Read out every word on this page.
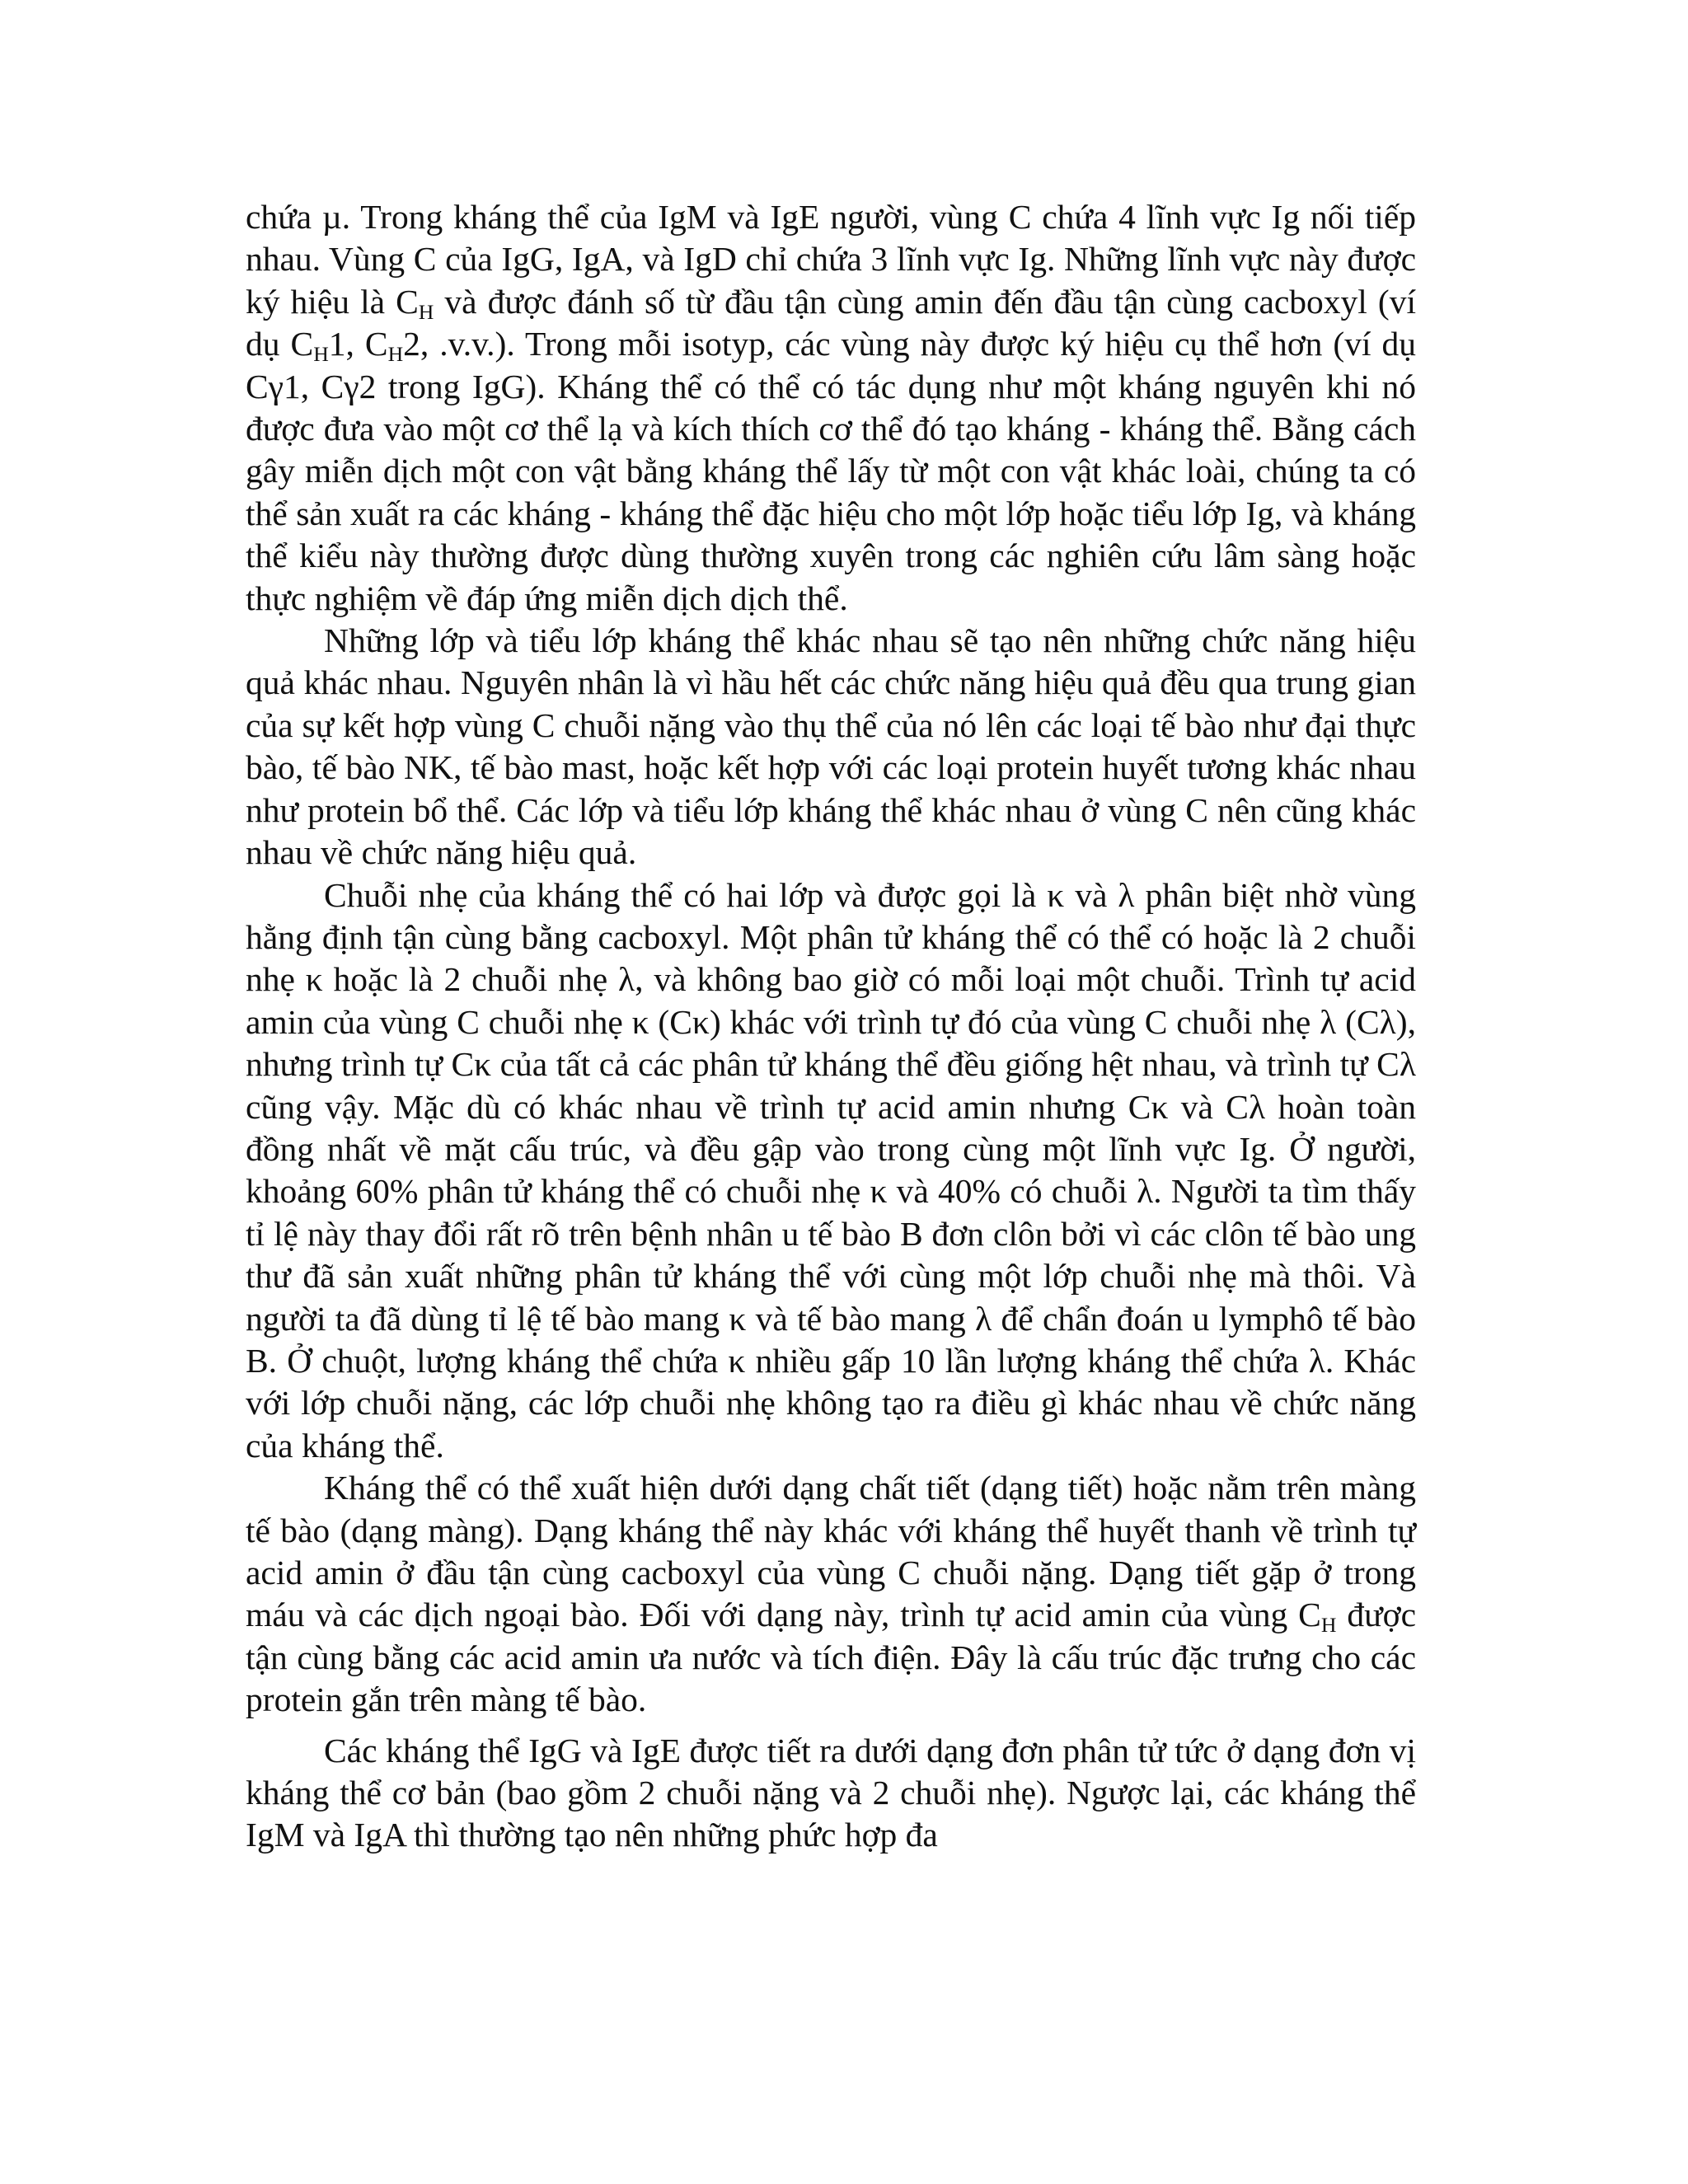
chứa µ. Trong kháng thể của IgM và IgE người, vùng C chứa 4 lĩnh vực Ig nối tiếp nhau. Vùng C của IgG, IgA, và IgD chỉ chứa 3 lĩnh vực Ig. Những lĩnh vực này được ký hiệu là $C_H$ và được đánh số từ đầu tận cùng amin đến đầu tận cùng cacboxyl (ví dụ $C_H1$, $C_H2$, .v.v.). Trong mỗi isotyp, các vùng này được ký hiệu cụ thể hơn (ví dụ Cγ1, Cγ2 trong IgG). Kháng thể có thể có tác dụng như một kháng nguyên khi nó được đưa vào một cơ thể lạ và kích thích cơ thể đó tạo kháng - kháng thể. Bằng cách gây miễn dịch một con vật bằng kháng thể lấy từ một con vật khác loài, chúng ta có thể sản xuất ra các kháng - kháng thể đặc hiệu cho một lớp hoặc tiểu lớp Ig, và kháng thể kiểu này thường được dùng thường xuyên trong các nghiên cứu lâm sàng hoặc thực nghiệm về đáp ứng miễn dịch dịch thể.

Những lớp và tiểu lớp kháng thể khác nhau sẽ tạo nên những chức năng hiệu quả khác nhau. Nguyên nhân là vì hầu hết các chức năng hiệu quả đều qua trung gian của sự kết hợp vùng C chuỗi nặng vào thụ thể của nó lên các loại tế bào như đại thực bào, tế bào NK, tế bào mast, hoặc kết hợp với các loại protein huyết tương khác nhau như protein bổ thể. Các lớp và tiểu lớp kháng thể khác nhau ở vùng C nên cũng khác nhau về chức năng hiệu quả.

Chuỗi nhẹ của kháng thể có hai lớp và được gọi là κ và λ phân biệt nhờ vùng hằng định tận cùng bằng cacboxyl. Một phân tử kháng thể có thể có hoặc là 2 chuỗi nhẹ κ hoặc là 2 chuỗi nhẹ λ, và không bao giờ có mỗi loại một chuỗi. Trình tự acid amin của vùng C chuỗi nhẹ κ (Cκ) khác với trình tự đó của vùng C chuỗi nhẹ λ (Cλ), nhưng trình tự Cκ của tất cả các phân tử kháng thể đều giống hệt nhau, và trình tự Cλ cũng vậy. Mặc dù có khác nhau về trình tự acid amin nhưng Cκ và Cλ hoàn toàn đồng nhất về mặt cấu trúc, và đều gập vào trong cùng một lĩnh vực Ig. Ở người, khoảng 60% phân tử kháng thể có chuỗi nhẹ κ và 40% có chuỗi λ. Người ta tìm thấy tỉ lệ này thay đổi rất rõ trên bệnh nhân u tế bào B đơn clôn bởi vì các clôn tế bào ung thư đã sản xuất những phân tử kháng thể với cùng một lớp chuỗi nhẹ mà thôi. Và người ta đã dùng tỉ lệ tế bào mang κ và tế bào mang λ để chẩn đoán u lymphô tế bào B. Ở chuột, lượng kháng thể chứa κ nhiều gấp 10 lần lượng kháng thể chứa λ. Khác với lớp chuỗi nặng, các lớp chuỗi nhẹ không tạo ra điều gì khác nhau về chức năng của kháng thể.

Kháng thể có thể xuất hiện dưới dạng chất tiết (dạng tiết) hoặc nằm trên màng tế bào (dạng màng). Dạng kháng thể này khác với kháng thể huyết thanh về trình tự acid amin ở đầu tận cùng cacboxyl của vùng C chuỗi nặng. Dạng tiết gặp ở trong máu và các dịch ngoại bào. Đối với dạng này, trình tự acid amin của vùng $C_H$ được tận cùng bằng các acid amin ưa nước và tích điện. Đây là cấu trúc đặc trưng cho các protein gắn trên màng tế bào.

Các kháng thể IgG và IgE được tiết ra dưới dạng đơn phân tử tức ở dạng đơn vị kháng thể cơ bản (bao gồm 2 chuỗi nặng và 2 chuỗi nhẹ). Ngược lại, các kháng thể IgM và IgA thì thường tạo nên những phức hợp đa
